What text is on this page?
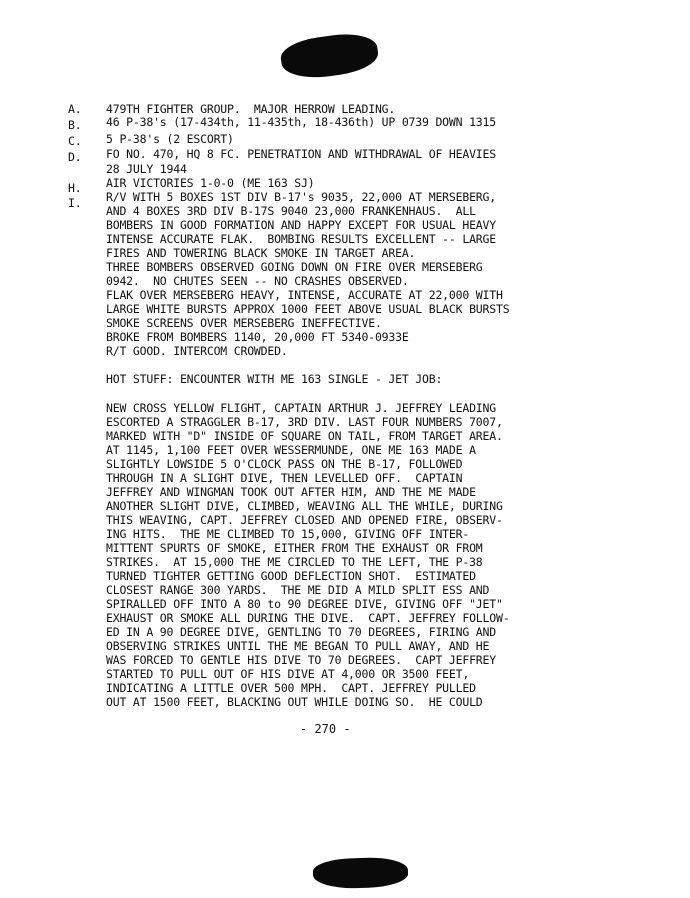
A. 479TH FIGHTER GROUP.  MAJOR HERROW LEADING.
B. 46 P-38's (17-434th, 11-435th, 18-436th) UP 0739 DOWN 1315
C. 5 P-38's (2 ESCORT)
D. FO NO. 470, HQ 8 FC. PENETRATION AND WITHDRAWAL OF HEAVIES
28 JULY 1944
H. AIR VICTORIES 1-0-0 (ME 163 SJ)
I. R/V WITH 5 BOXES 1ST DIV B-17's 9035, 22,000 AT MERSEBERG,
AND 4 BOXES 3RD DIV B-17S 9040 23,000 FRANKENHAUS.  ALL
BOMBERS IN GOOD FORMATION AND HAPPY EXCEPT FOR USUAL HEAVY
INTENSE ACCURATE FLAK.  BOMBING RESULTS EXCELLENT -- LARGE
FIRES AND TOWERING BLACK SMOKE IN TARGET AREA.
THREE BOMBERS OBSERVED GOING DOWN ON FIRE OVER MERSEBERG
0942.  NO CHUTES SEEN -- NO CRASHES OBSERVED.
FLAK OVER MERSEBERG HEAVY, INTENSE, ACCURATE AT 22,000 WITH
LARGE WHITE BURSTS APPROX 1000 FEET ABOVE USUAL BLACK BURSTS
SMOKE SCREENS OVER MERSEBERG INEFFECTIVE.
BROKE FROM BOMBERS 1140, 20,000 FT 5340-0933E
R/T GOOD. INTERCOM CROWDED.
HOT STUFF: ENCOUNTER WITH ME 163 SINGLE - JET JOB:
NEW CROSS YELLOW FLIGHT, CAPTAIN ARTHUR J. JEFFREY LEADING
ESCORTED A STRAGGLER B-17, 3RD DIV. LAST FOUR NUMBERS 7007,
MARKED WITH "D" INSIDE OF SQUARE ON TAIL, FROM TARGET AREA.
AT 1145, 1,100 FEET OVER WESSERMUNDE, ONE ME 163 MADE A
SLIGHTLY LOWSIDE 5 O'CLOCK PASS ON THE B-17, FOLLOWED
THROUGH IN A SLIGHT DIVE, THEN LEVELLED OFF.  CAPTAIN
JEFFREY AND WINGMAN TOOK OUT AFTER HIM, AND THE ME MADE
ANOTHER SLIGHT DIVE, CLIMBED, WEAVING ALL THE WHILE, DURING
THIS WEAVING, CAPT. JEFFREY CLOSED AND OPENED FIRE, OBSERV-
ING HITS.  THE ME CLIMBED TO 15,000, GIVING OFF INTER-
MITTENT SPURTS OF SMOKE, EITHER FROM THE EXHAUST OR FROM
STRIKES.  AT 15,000 THE ME CIRCLED TO THE LEFT, THE P-38
TURNED TIGHTER GETTING GOOD DEFLECTION SHOT.  ESTIMATED
CLOSEST RANGE 300 YARDS.  THE ME DID A MILD SPLIT ESS AND
SPIRALLED OFF INTO A 80 to 90 DEGREE DIVE, GIVING OFF "JET"
EXHAUST OR SMOKE ALL DURING THE DIVE.  CAPT. JEFFREY FOLLOW-
ED IN A 90 DEGREE DIVE, GENTLING TO 70 DEGREES, FIRING AND
OBSERVING STRIKES UNTIL THE ME BEGAN TO PULL AWAY, AND HE
WAS FORCED TO GENTLE HIS DIVE TO 70 DEGREES.  CAPT JEFFREY
STARTED TO PULL OUT OF HIS DIVE AT 4,000 OR 3500 FEET,
INDICATING A LITTLE OVER 500 MPH.  CAPT. JEFFREY PULLED
OUT AT 1500 FEET, BLACKING OUT WHILE DOING SO.  HE COULD
- 270 -
